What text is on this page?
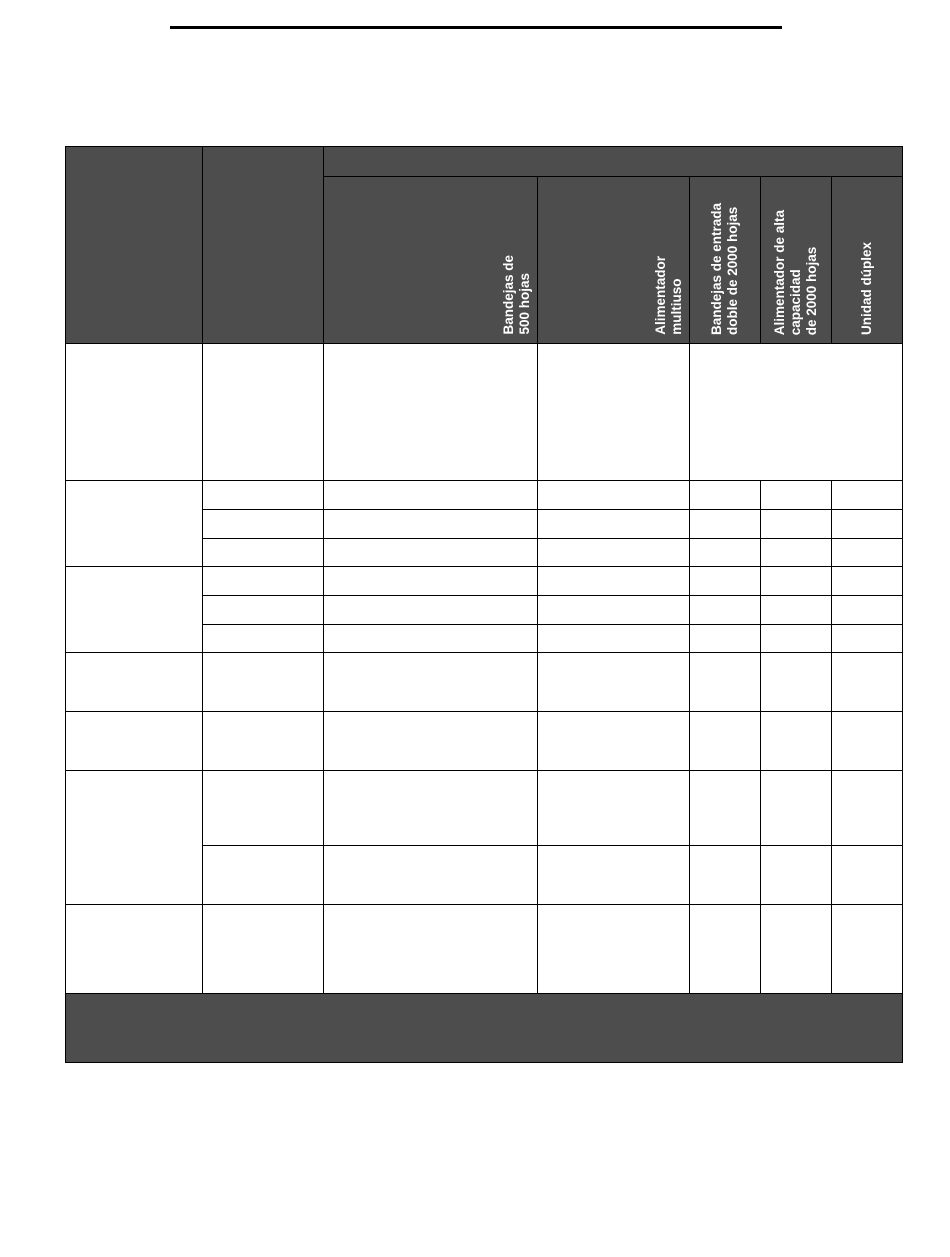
Bandejas de
500 hojas	Alimentador
multiuso Bandejas de entrada
doble de 2000 hojas
Alimentador de alta
capacidad
de 2000 hojas	Unidad dúplex
